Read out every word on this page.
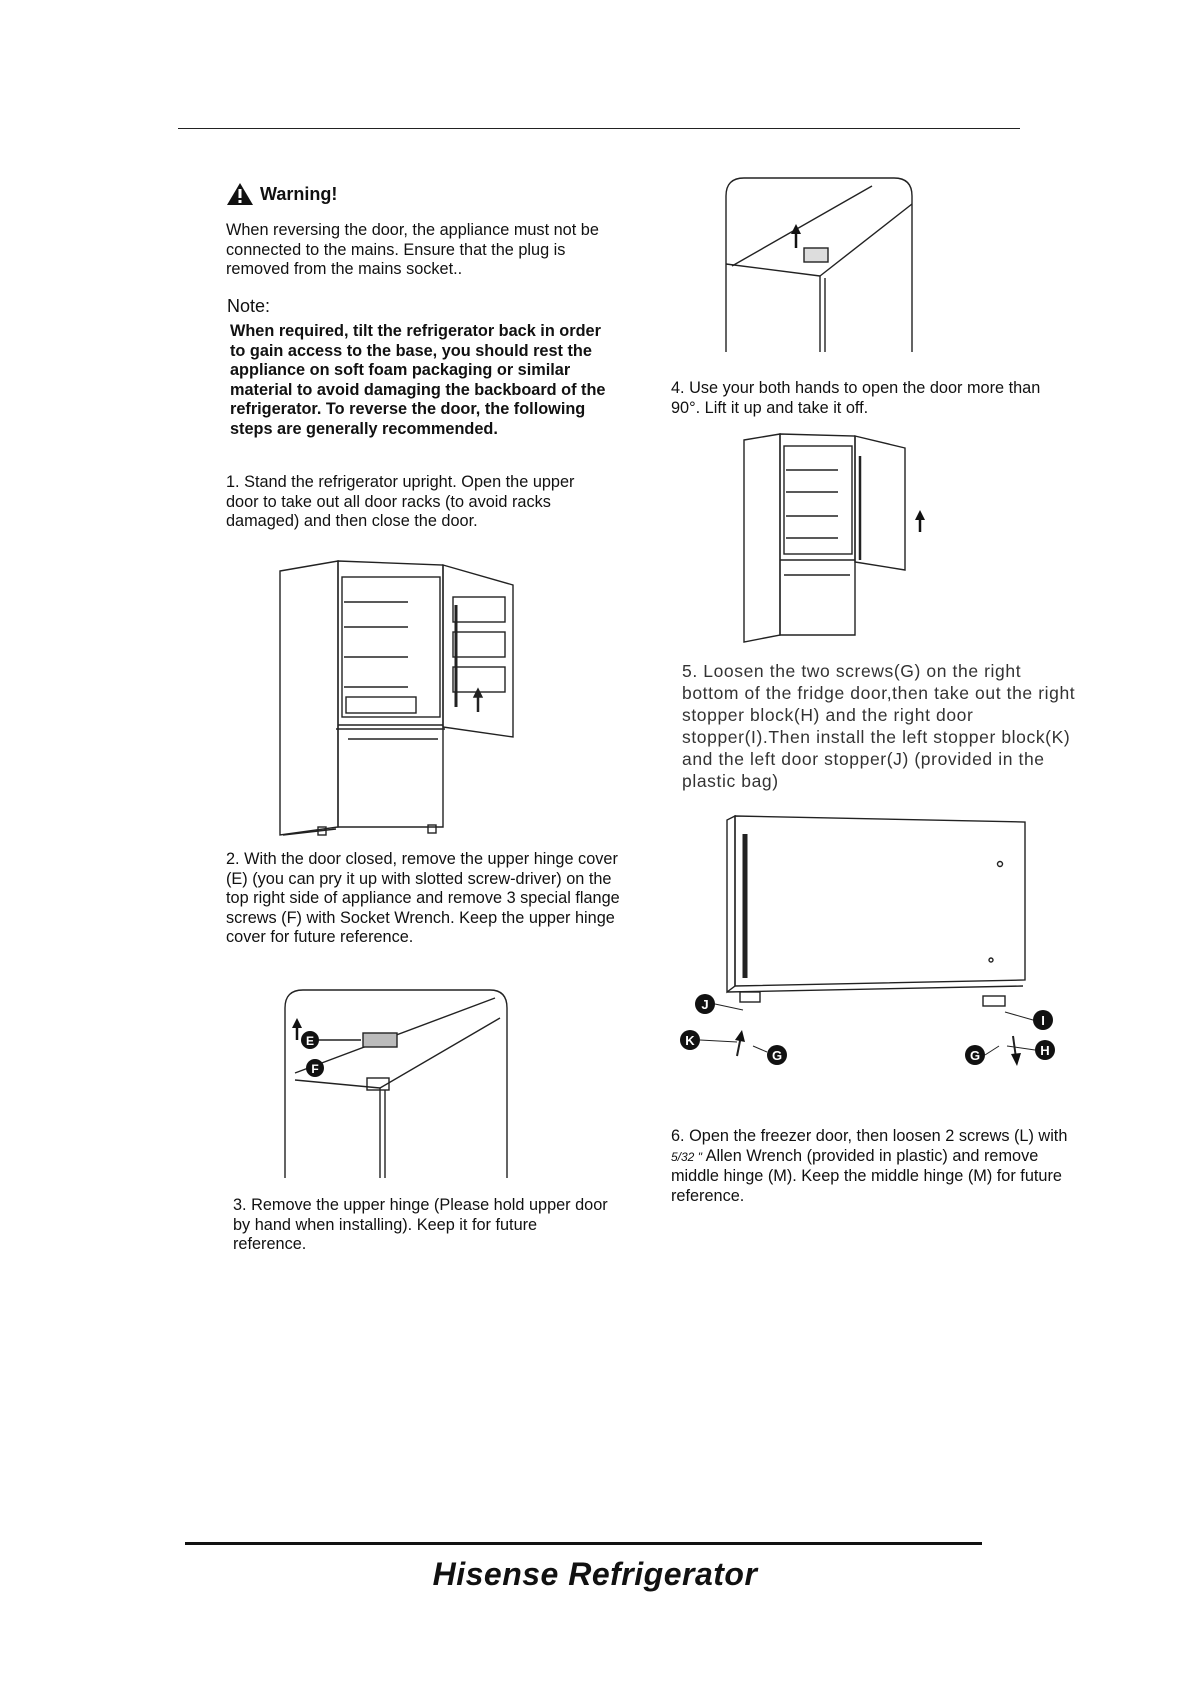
Warning!
When reversing the door, the appliance must not be connected to the mains. Ensure that the plug is removed from the mains socket..
Note:
When required, tilt the refrigerator back in order to gain access to the base, you should rest the appliance on soft foam packaging or similar material to avoid damaging the backboard of the refrigerator. To reverse the door, the following steps are generally recommended.
1. Stand the refrigerator upright. Open the upper door to take out all door racks (to avoid racks damaged) and then close the door.
2. With the door closed, remove the upper hinge cover (E) (you can pry it up with slotted screw-driver) on the top right side of appliance and remove 3 special flange screws (F) with Socket Wrench. Keep the upper hinge cover for future reference.
E
F
3. Remove the upper hinge (Please hold upper door by hand when installing). Keep it for future reference.
4. Use your both hands to open the door more than 90°. Lift it up and take it off.
5. Loosen the two screws(G) on the right bottom of the fridge door,then take out the right stopper block(H) and the right door stopper(I).Then install the left stopper block(K) and the left door stopper(J) (provided in the plastic bag)
J
K
G
I
H
G
6. Open the freezer door, then loosen 2 screws (L) with 5/32 " Allen Wrench (provided in plastic) and remove middle hinge (M). Keep the middle hinge (M) for future reference.
Hisense Refrigerator
